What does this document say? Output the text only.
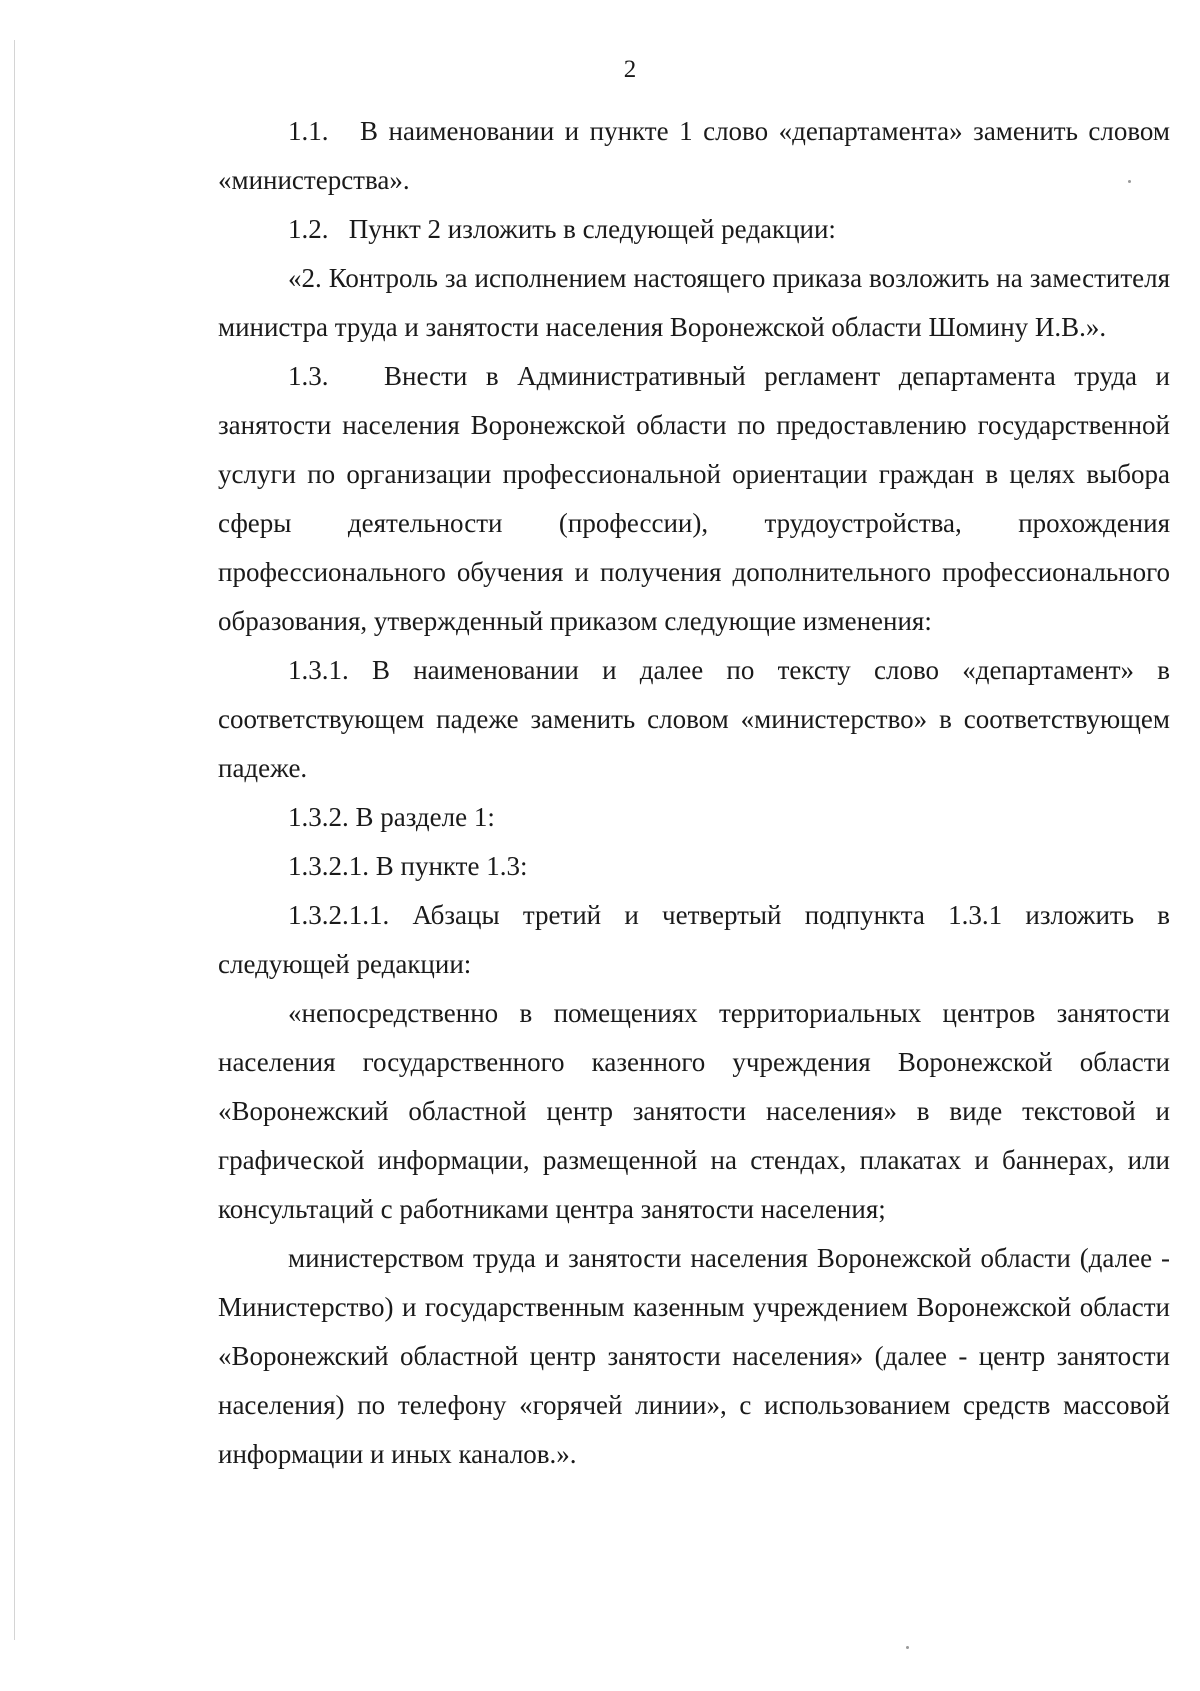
2

1.1.   В наименовании и пункте 1 слово «департамента» заменить словом «министерства».

1.2.   Пункт 2 изложить в следующей редакции:

«2. Контроль за исполнением настоящего приказа возложить на заместителя министра труда и занятости населения Воронежской области Шомину И.В.».

1.3.   Внести в Административный регламент департамента труда и занятости населения Воронежской области по предоставлению государственной услуги по организации профессиональной ориентации граждан в целях выбора сферы деятельности (профессии), трудоустройства, прохождения профессионального обучения и получения дополнительного профессионального образования, утвержденный приказом следующие изменения:

1.3.1. В наименовании и далее по тексту слово «департамент» в соответствующем падеже заменить словом «министерство» в соответствующем падеже.

1.3.2. В разделе 1:

1.3.2.1. В пункте 1.3:

1.3.2.1.1. Абзацы третий и четвертый подпункта 1.3.1 изложить в следующей редакции:

«непосредственно в помещениях территориальных центров занятости населения государственного казенного учреждения Воронежской области «Воронежский областной центр занятости населения» в виде текстовой и графической информации, размещенной на стендах, плакатах и баннерах, или консультаций с работниками центра занятости населения;

министерством труда и занятости населения Воронежской области (далее - Министерство) и государственным казенным учреждением Воронежской области «Воронежский областной центр занятости населения» (далее - центр занятости населения) по телефону «горячей линии», с использованием средств массовой информации и иных каналов.».
